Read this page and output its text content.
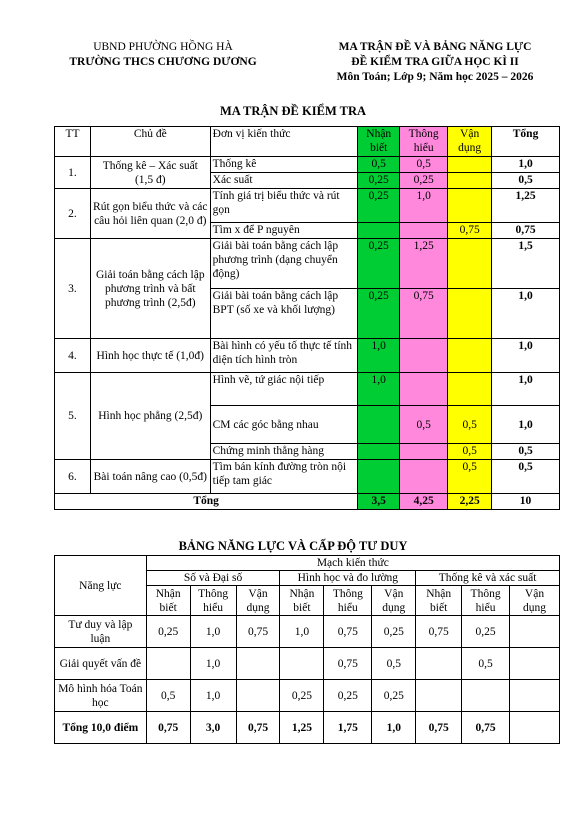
UBND PHƯỜNG HỒNG HÀ
TRƯỜNG THCS CHƯƠNG DƯƠNG
MA TRẬN ĐỀ VÀ BẢNG NĂNG LỰC
ĐỀ KIỂM TRA GIỮA HỌC KÌ II
Môn Toán; Lớp 9; Năm học 2025 – 2026
MA TRẬN ĐỀ KIỂM TRA
TT	Chủ đề	Đơn vị kiến thức	Nhận biết	Thông hiểu	Vận dụng	Tổng
1.	Thống kê – Xác suất (1,5 đ)	Thống kê	0,5	0,5		1,0
		Xác suất	0,25	0,25		0,5
2.	Rút gọn biểu thức và các câu hỏi liên quan (2,0 đ)	Tính giá trị biểu thức và rút gọn	0,25	1,0		1,25
		Tìm x để P nguyên			0,75	0,75
3.	Giải toán bằng cách lập phương trình và bất phương trình (2,5đ)	Giải bài toán bằng cách lập phương trình (dạng chuyển động)	0,25	1,25		1,5
		Giải bài toán bằng cách lập BPT (số xe và khối lượng)	0,25	0,75		1,0
4.	Hình học thực tế (1,0đ)	Bài hình có yếu tố thực tế tính diện tích hình tròn	1,0			1,0
5.	Hình học phẳng (2,5đ)	Hình vẽ, tứ giác nội tiếp	1,0			1,0
		CM các góc bằng nhau		0,5	0,5	1,0
		Chứng minh thẳng hàng			0,5	0,5
6.	Bài toán nâng cao (0,5đ)	Tìm bán kính đường tròn nội tiếp tam giác			0,5	0,5
Tổng			3,5	4,25	2,25	10
BẢNG NĂNG LỰC VÀ CẤP ĐỘ TƯ DUY
Năng lực	Mạch kiến thức								
	Số và Đại số			Hình học và đo lường			Thống kê và xác suất		
	Nhận biết	Thông hiểu	Vận dụng	Nhận biết	Thông hiểu	Vận dụng	Nhận biết	Thông hiểu	Vận dụng
Tư duy và lập luận	0,25	1,0	0,75	1,0	0,75	0,25	0,75	0,25	
Giải quyết vấn đề		1,0			0,75	0,5		0,5	
Mô hình hóa Toán học	0,5	1,0		0,25	0,25	0,25			
Tổng 10,0 điểm	0,75	3,0	0,75	1,25	1,75	1,0	0,75	0,75	
